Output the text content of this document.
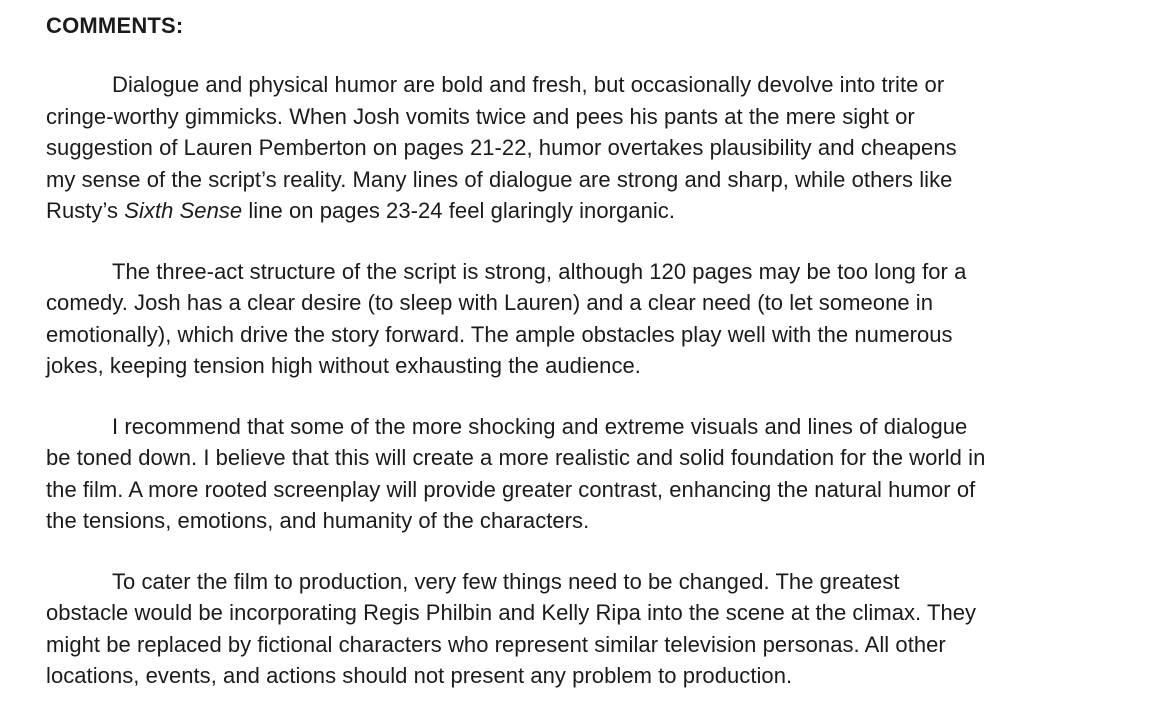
COMMENTS:
Dialogue and physical humor are bold and fresh, but occasionally devolve into trite or
cringe-worthy gimmicks. When Josh vomits twice and pees his pants at the mere sight or
suggestion of Lauren Pemberton on pages 21-22, humor overtakes plausibility and cheapens
my sense of the script’s reality. Many lines of dialogue are strong and sharp, while others like
Rusty’s Sixth Sense line on pages 23-24 feel glaringly inorganic.
The three-act structure of the script is strong, although 120 pages may be too long for a
comedy. Josh has a clear desire (to sleep with Lauren) and a clear need (to let someone in
emotionally), which drive the story forward. The ample obstacles play well with the numerous
jokes, keeping tension high without exhausting the audience.
I recommend that some of the more shocking and extreme visuals and lines of dialogue
be toned down. I believe that this will create a more realistic and solid foundation for the world in
the film. A more rooted screenplay will provide greater contrast, enhancing the natural humor of
the tensions, emotions, and humanity of the characters.
To cater the film to production, very few things need to be changed. The greatest
obstacle would be incorporating Regis Philbin and Kelly Ripa into the scene at the climax. They
might be replaced by fictional characters who represent similar television personas. All other
locations, events, and actions should not present any problem to production.
